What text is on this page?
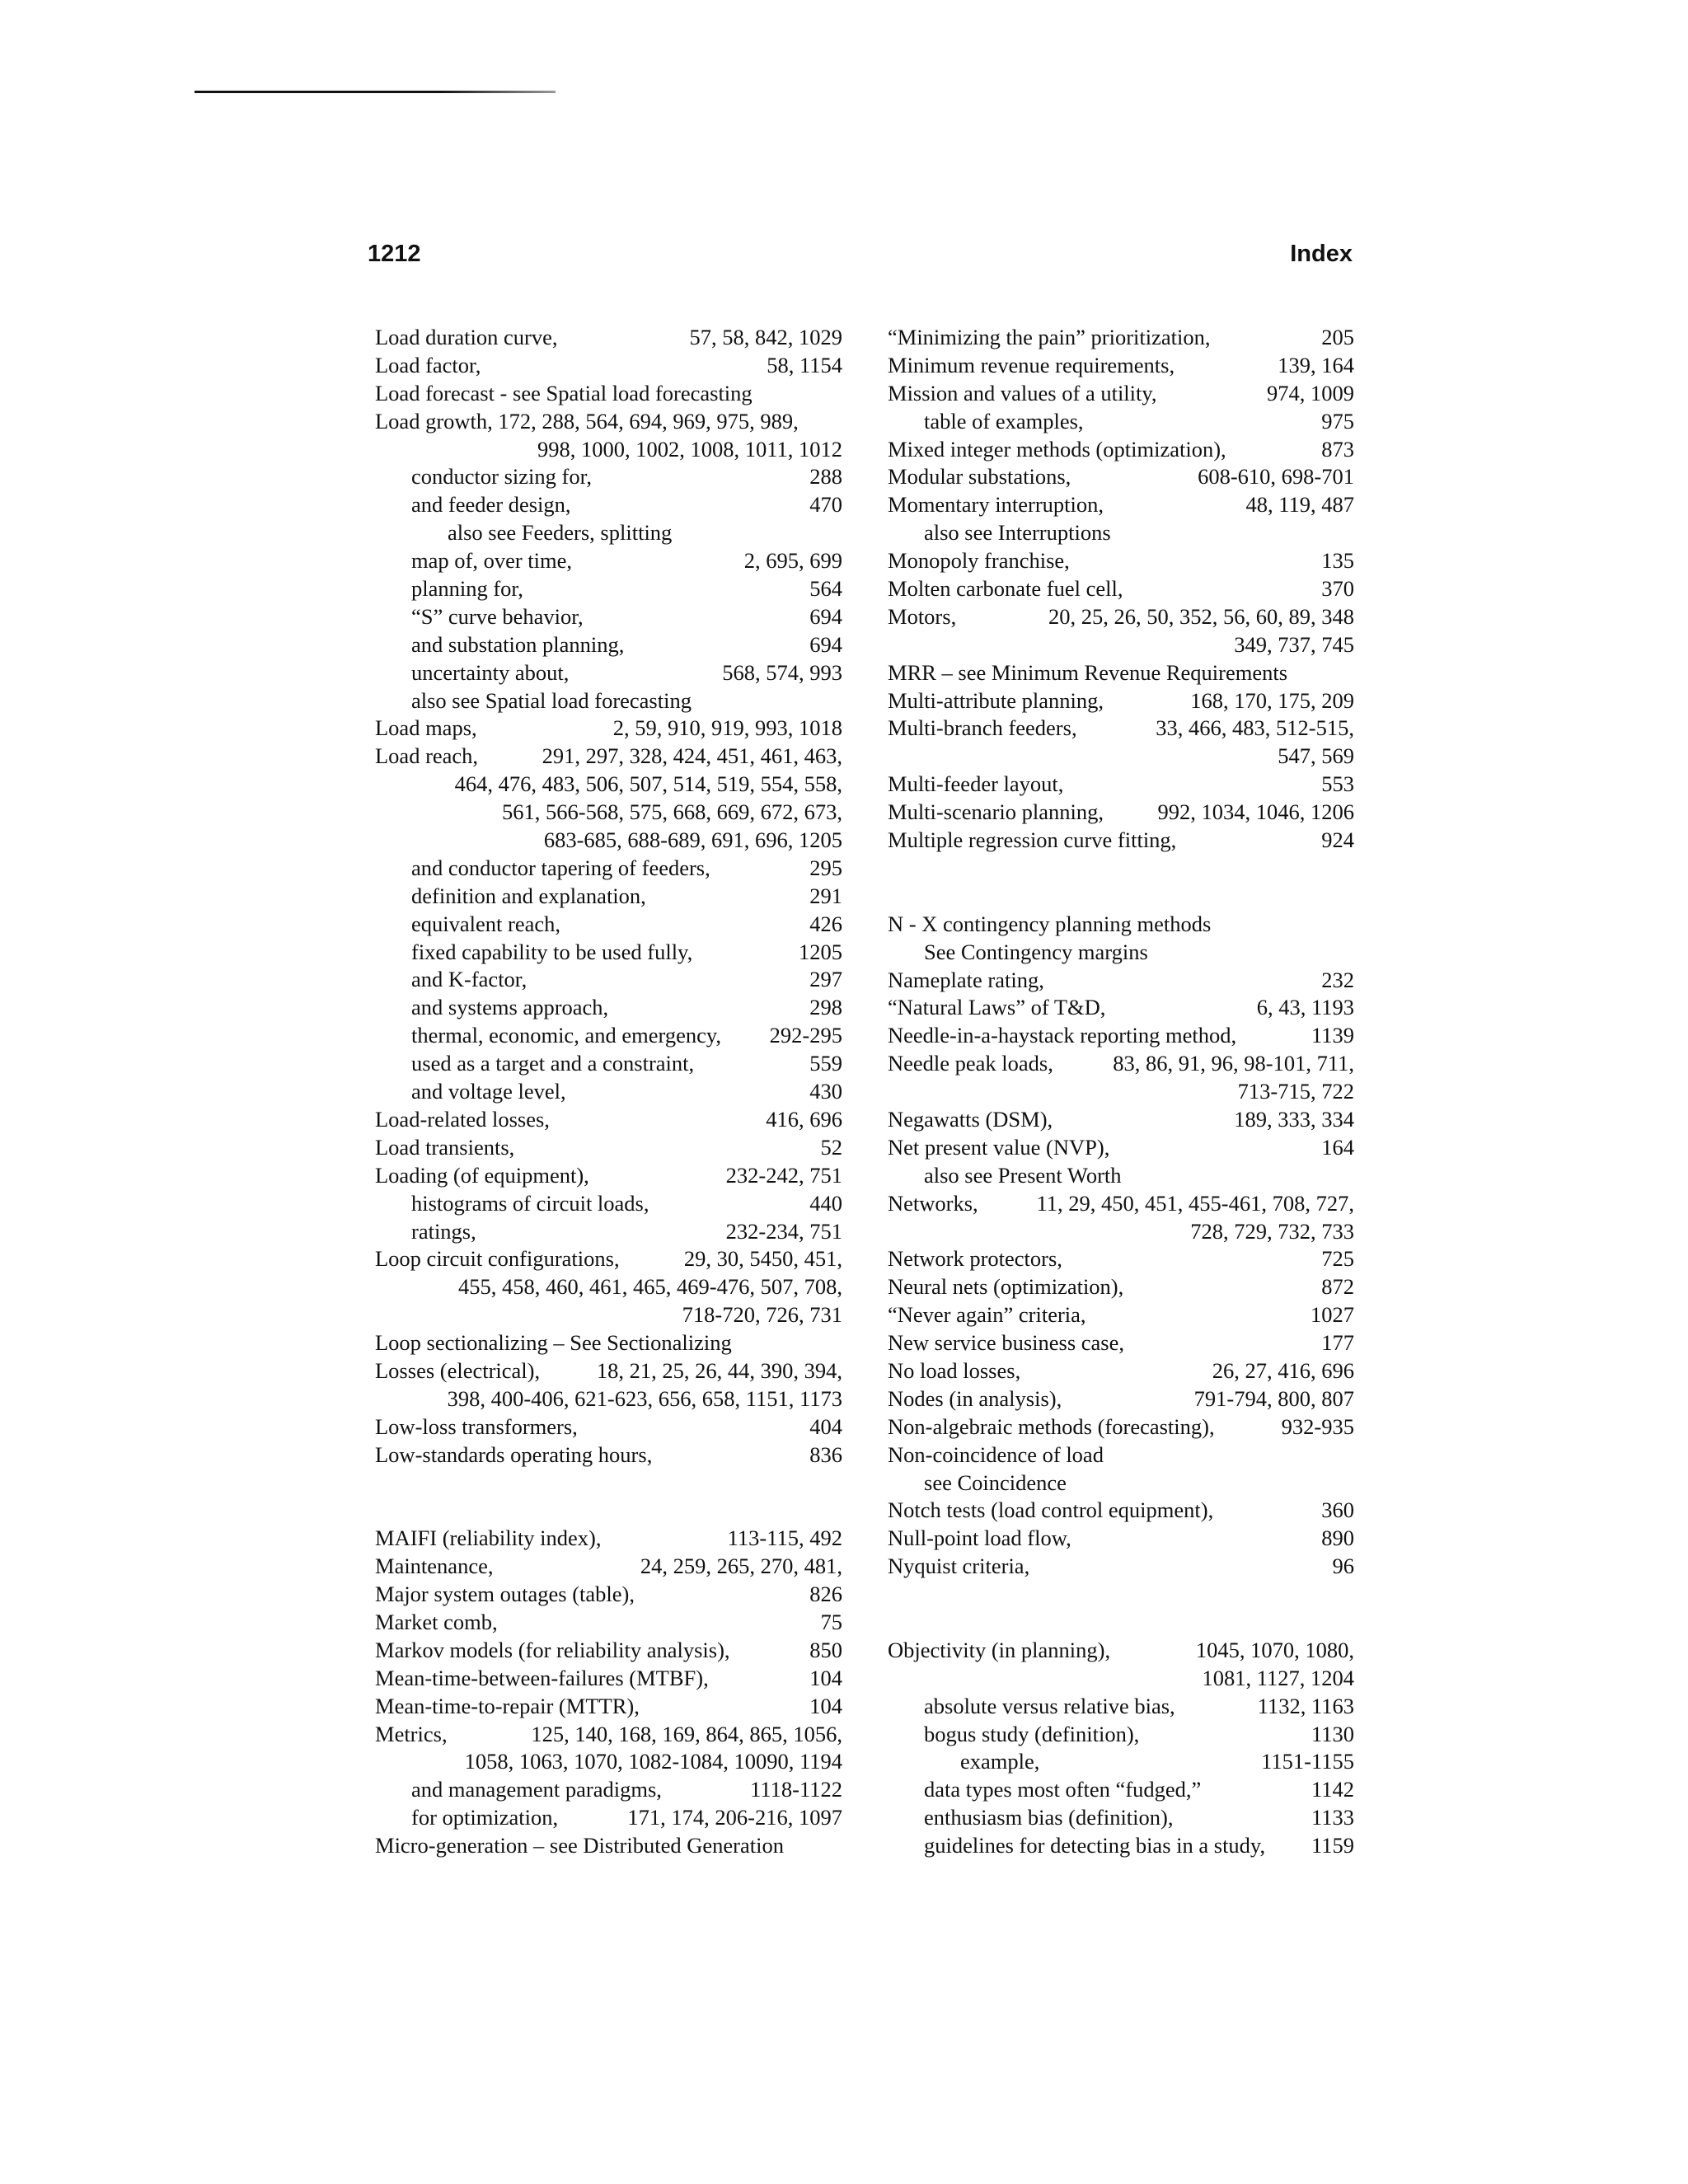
1212	Index
Load duration curve,	57, 58, 842, 1029
Load factor,	58, 1154
Load forecast - see Spatial load forecasting
Load growth, 172, 288, 564, 694, 969, 975, 989,
998, 1000, 1002, 1008, 1011, 1012
conductor sizing for,	288
and feeder design,	470
also see Feeders, splitting
map of, over time,	2, 695, 699
planning for,	564
“S” curve behavior,	694
and substation planning,	694
uncertainty about,	568, 574, 993
also see Spatial load forecasting
Load maps,	2, 59, 910, 919, 993, 1018
Load reach,	291, 297, 328, 424, 451, 461, 463,
464, 476, 483, 506, 507, 514, 519, 554, 558,
561, 566-568, 575, 668, 669, 672, 673,
683-685, 688-689, 691, 696, 1205
and conductor tapering of feeders,	295
definition and explanation,	291
equivalent reach,	426
fixed capability to be used fully,	1205
and K-factor,	297
and systems approach,	298
thermal, economic, and emergency, 292-295
used as a target and a constraint,	559
and voltage level,	430
Load-related losses,	416, 696
Load transients,	52
Loading (of equipment),	232-242, 751
histograms of circuit loads,	440
ratings,	232-234, 751
Loop circuit configurations,	29, 30, 5450, 451,
455, 458, 460, 461, 465, 469-476, 507, 708,
718-720, 726, 731
Loop sectionalizing – See Sectionalizing
Losses (electrical),	18, 21, 25, 26, 44, 390, 394,
398, 400-406, 621-623, 656, 658, 1151, 1173
Low-loss transformers,	404
Low-standards operating hours,	836
MAIFI (reliability index),	113-115, 492
Maintenance,	24, 259, 265, 270, 481,
Major system outages (table),	826
Market comb,	75
Markov models (for reliability analysis),	850
Mean-time-between-failures (MTBF),	104
Mean-time-to-repair (MTTR),	104
Metrics,	125, 140, 168, 169, 864, 865, 1056,
1058, 1063, 1070, 1082-1084, 10090, 1194
and management paradigms,	1118-1122
for optimization,	171, 174, 206-216, 1097
Micro-generation – see Distributed Generation
“Minimizing the pain” prioritization,	205
Minimum revenue requirements,	139, 164
Mission and values of a utility,	974, 1009
table of examples,	975
Mixed integer methods (optimization),	873
Modular substations,	608-610, 698-701
Momentary interruption,	48, 119, 487
also see Interruptions
Monopoly franchise,	135
Molten carbonate fuel cell,	370
Motors,	20, 25, 26, 50, 352, 56, 60, 89, 348
349, 737, 745
MRR – see Minimum Revenue Requirements
Multi-attribute planning,	168, 170, 175, 209
Multi-branch feeders,	33, 466, 483, 512-515,
547, 569
Multi-feeder layout,	553
Multi-scenario planning, 992, 1034, 1046, 1206
Multiple regression curve fitting,	924
N - X contingency planning methods
See Contingency margins
Nameplate rating,	232
“Natural Laws” of T&D,	6, 43, 1193
Needle-in-a-haystack reporting method,	1139
Needle peak loads,	83, 86, 91, 96, 98-101, 711,
713-715, 722
Negawatts (DSM),	189, 333, 334
Net present value (NVP),	164
also see Present Worth
Networks,	11, 29, 450, 451, 455-461, 708, 727,
728, 729, 732, 733
Network protectors,	725
Neural nets (optimization),	872
“Never again” criteria,	1027
New service business case,	177
No load losses,	26, 27, 416, 696
Nodes (in analysis),	791-794, 800, 807
Non-algebraic methods (forecasting),	932-935
Non-coincidence of load
see Coincidence
Notch tests (load control equipment),	360
Null-point load flow,	890
Nyquist criteria,	96
Objectivity (in planning),	1045, 1070, 1080,
1081, 1127, 1204
absolute versus relative bias,	1132, 1163
bogus study (definition),	1130
example,	1151-1155
data types most often “fudged,”	1142
enthusiasm bias (definition),	1133
guidelines for detecting bias in a study, 1159
